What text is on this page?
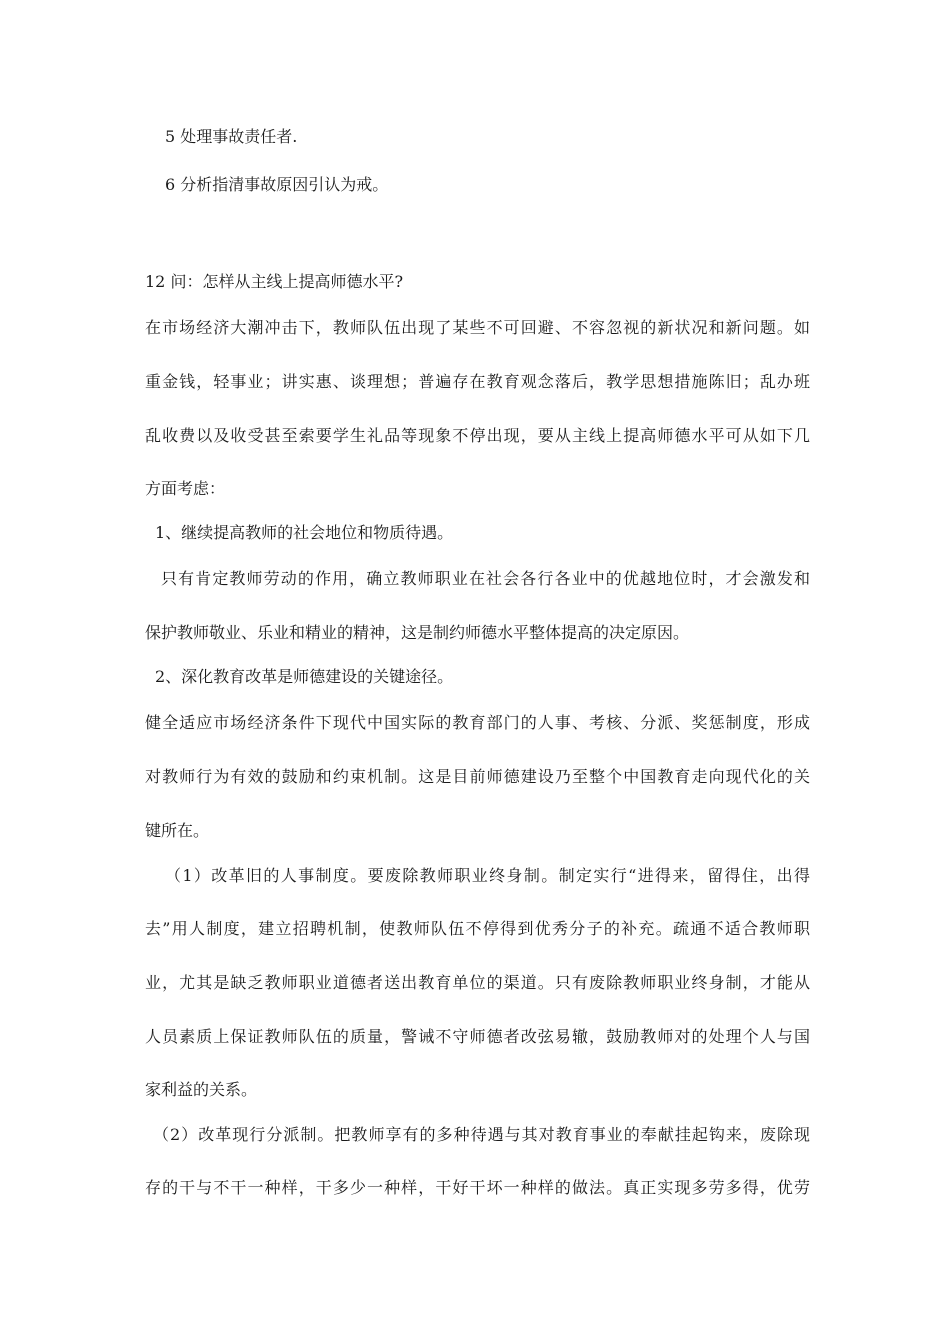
5 处理事故责任者.
6 分析指清事故原因引认为戒。
12 问：怎样从主线上提高师德水平?
在市场经济大潮冲击下，教师队伍出现了某些不可回避、不容忽视的新状况和新问题。如
重金钱，轻事业；讲实惠、谈理想；普遍存在教育观念落后，教学思想措施陈旧；乱办班
乱收费以及收受甚至索要学生礼品等现象不停出现，要从主线上提高师德水平可从如下几
方面考虑：
1、继续提高教师的社会地位和物质待遇。
只有肯定教师劳动的作用，确立教师职业在社会各行各业中的优越地位时，才会激发和
保护教师敬业、乐业和精业的精神，这是制约师德水平整体提高的决定原因。
2、深化教育改革是师德建设的关键途径。
健全适应市场经济条件下现代中国实际的教育部门的人事、考核、分派、奖惩制度，形成
对教师行为有效的鼓励和约束机制。这是目前师德建设乃至整个中国教育走向现代化的关
键所在。
（1）改革旧的人事制度。要废除教师职业终身制。制定实行“进得来，留得住，出得
去”用人制度，建立招聘机制，使教师队伍不停得到优秀分子的补充。疏通不适合教师职
业，尤其是缺乏教师职业道德者送出教育单位的渠道。只有废除教师职业终身制，才能从
人员素质上保证教师队伍的质量，警诫不守师德者改弦易辙，鼓励教师对的处理个人与国
家利益的关系。
（2）改革现行分派制。把教师享有的多种待遇与其对教育事业的奉献挂起钩来，废除现
存的干与不干一种样，干多少一种样，干好干坏一种样的做法。真正实现多劳多得，优劳
